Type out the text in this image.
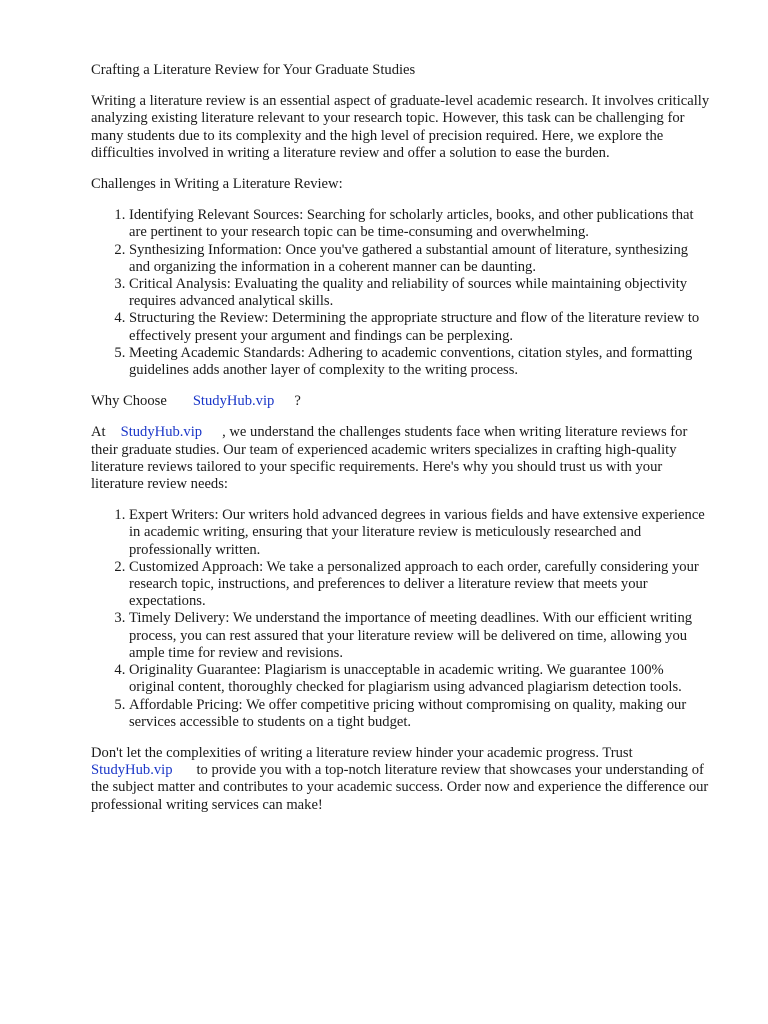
Crafting a Literature Review for Your Graduate Studies

Writing a literature review is an essential aspect of graduate-level academic research. It involves critically analyzing existing literature relevant to your research topic. However, this task can be challenging for many students due to its complexity and the high level of precision required. Here, we explore the difficulties involved in writing a literature review and offer a solution to ease the burden.

Challenges in Writing a Literature Review:

1. Identifying Relevant Sources: Searching for scholarly articles, books, and other publications that are pertinent to your research topic can be time-consuming and overwhelming.
2. Synthesizing Information: Once you've gathered a substantial amount of literature, synthesizing and organizing the information in a coherent manner can be daunting.
3. Critical Analysis: Evaluating the quality and reliability of sources while maintaining objectivity requires advanced analytical skills.
4. Structuring the Review: Determining the appropriate structure and flow of the literature review to effectively present your argument and findings can be perplexing.
5. Meeting Academic Standards: Adhering to academic conventions, citation styles, and formatting guidelines adds another layer of complexity to the writing process.

Why Choose StudyHub.vip ?

At StudyHub.vip , we understand the challenges students face when writing literature reviews for their graduate studies. Our team of experienced academic writers specializes in crafting high-quality literature reviews tailored to your specific requirements. Here's why you should trust us with your literature review needs:

1. Expert Writers: Our writers hold advanced degrees in various fields and have extensive experience in academic writing, ensuring that your literature review is meticulously researched and professionally written.
2. Customized Approach: We take a personalized approach to each order, carefully considering your research topic, instructions, and preferences to deliver a literature review that meets your expectations.
3. Timely Delivery: We understand the importance of meeting deadlines. With our efficient writing process, you can rest assured that your literature review will be delivered on time, allowing you ample time for review and revisions.
4. Originality Guarantee: Plagiarism is unacceptable in academic writing. We guarantee 100% original content, thoroughly checked for plagiarism using advanced plagiarism detection tools.
5. Affordable Pricing: We offer competitive pricing without compromising on quality, making our services accessible to students on a tight budget.

Don't let the complexities of writing a literature review hinder your academic progress. Trust StudyHub.vip to provide you with a top-notch literature review that showcases your understanding of the subject matter and contributes to your academic success. Order now and experience the difference our professional writing services can make!
